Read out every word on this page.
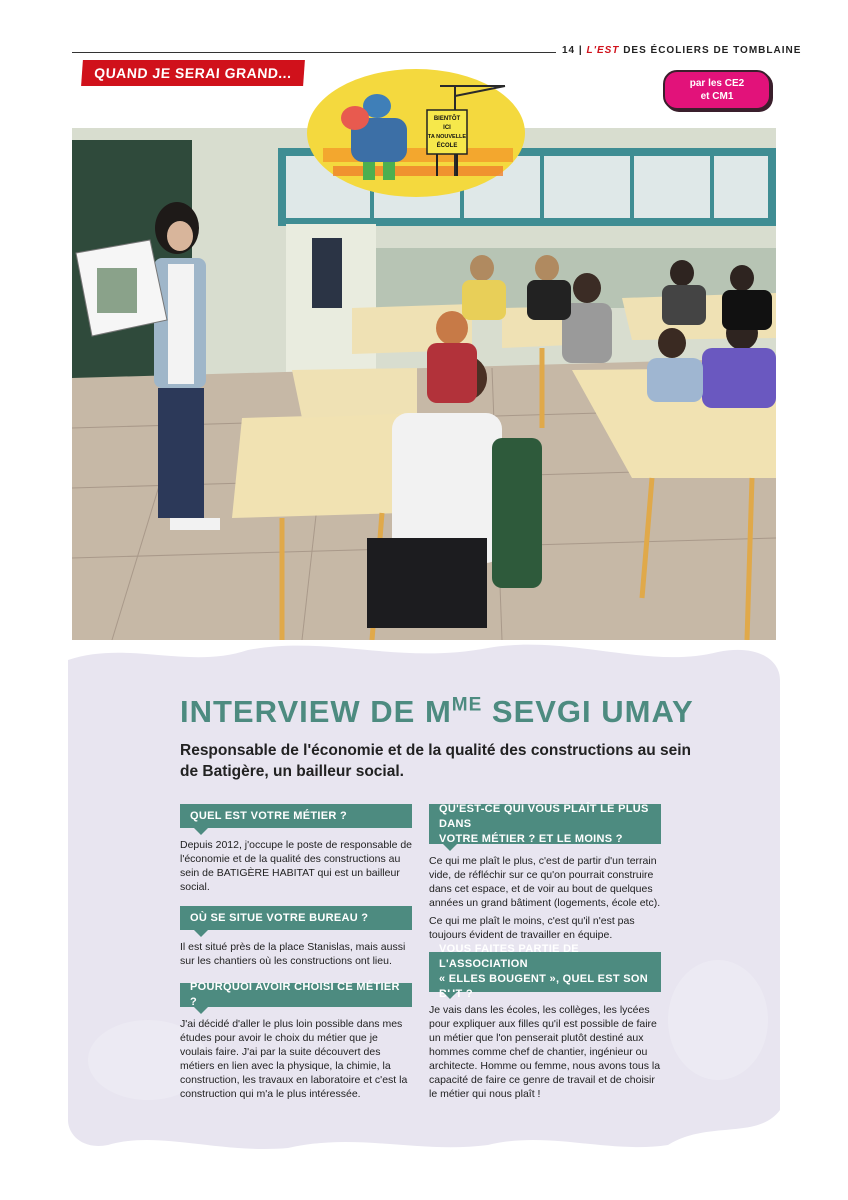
14 | L'EST DES ÉCOLIERS DE TOMBLAINE
QUAND JE SERAI GRAND...
par les CE2
et CM1
BIENTÔT
ICI
TA NOUVELLE
ÉCOLE
INTERVIEW DE $M^{ME}$ SEVGI UMAY
Responsable de l'économie et de la qualité des constructions au sein de Batigère, un bailleur social.
QUEL EST VOTRE MÉTIER ?

Depuis 2012, j'occupe le poste de responsable de l'économie et de la qualité des constructions au sein de BATIGÈRE HABITAT qui est un bailleur social.

OÙ SE SITUE VOTRE BUREAU ?

Il est situé près de la place Stanislas, mais aussi sur les chantiers où les constructions ont lieu.

POURQUOI AVOIR CHOISI CE MÉTIER ?

J'ai décidé d'aller le plus loin possible dans mes études pour avoir le choix du métier que je voulais faire. J'ai par la suite découvert des métiers en lien avec la physique, la chimie, la construction, les travaux en laboratoire et c'est la construction qui m'a le plus intéressée.

QU'EST-CE QUI VOUS PLAÎT LE PLUS DANS
VOTRE MÉTIER ? ET LE MOINS ?

Ce qui me plaît le plus, c'est de partir d'un terrain vide, de réfléchir sur ce qu'on pourrait construire dans cet espace, et de voir au bout de quelques années un grand bâtiment (logements, école etc).

Ce qui me plaît le moins, c'est qu'il n'est pas toujours évident de travailler en équipe.

VOUS FAITES PARTIE DE L'ASSOCIATION
« ELLES BOUGENT », QUEL EST SON BUT ?

Je vais dans les écoles, les collèges, les lycées pour expliquer aux filles qu'il est possible de faire un métier que l'on penserait plutôt destiné aux hommes comme chef de chantier, ingénieur ou architecte. Homme ou femme, nous avons tous la capacité de faire ce genre de travail et de choisir le métier qui nous plaît !
